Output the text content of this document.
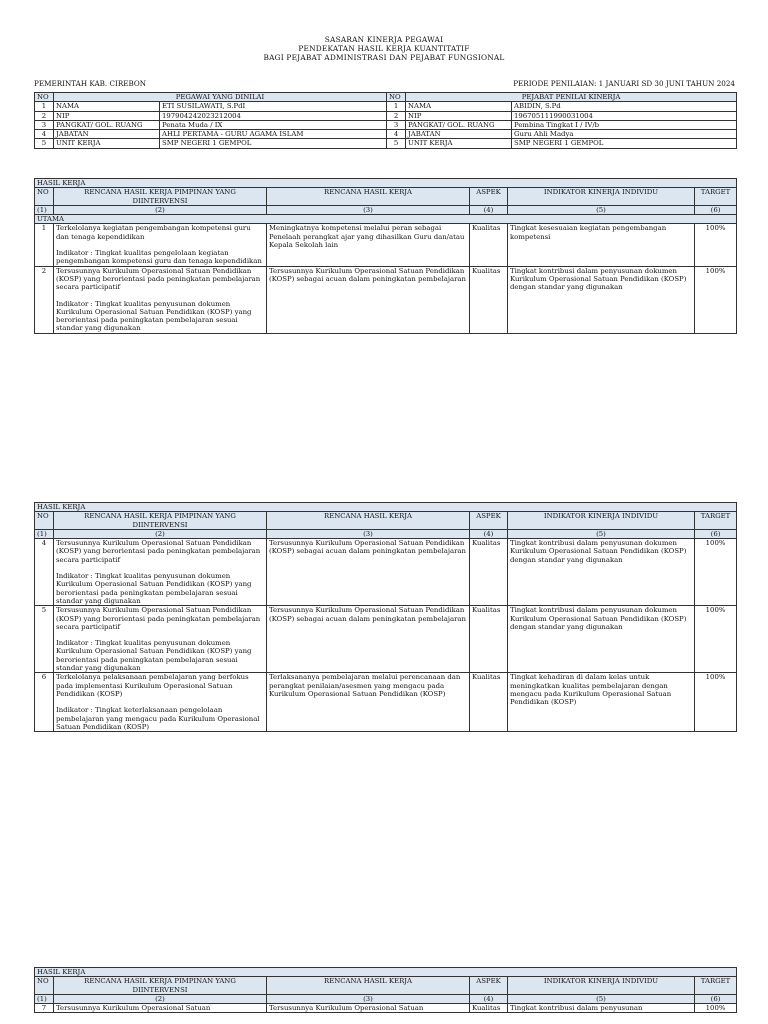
SASARAN KINERJA PEGAWAI
PENDEKATAN HASIL KERJA KUANTITATIF
BAGI PEJABAT ADMINISTRASI DAN PEJABAT FUNGSIONAL
PEMERINTAH KAB. CIREBON	PERIODE PENILAIAN: 1 JANUARI SD 30 JUNI TAHUN 2024
NO	PEGAWAI YANG DINILAI		NO	PEJABAT PENILAI KINERJA	
1	NAMA	ETI SUSILAWATI, S.PdI	1	NAMA	ABIDIN, S.Pd
2	NIP	197904242023212004	2	NIP	196705111990031004
3	PANGKAT/ GOL. RUANG	Penata Muda / IX	3	PANGKAT/ GOL. RUANG	Pembina Tingkat I / IV/b
4	JABATAN	AHLI PERTAMA - GURU AGAMA ISLAM	4	JABATAN	Guru Ahli Madya
5	UNIT KERJA	SMP NEGERI 1 GEMPOL	5	UNIT KERJA	SMP NEGERI 1 GEMPOL
HASIL KERJA					
NO	RENCANA HASIL KERJA PIMPINAN YANG DIINTERVENSI	RENCANA HASIL KERJA	ASPEK	INDIKATOR KINERJA INDIVIDU	TARGET
(1)	(2)	(3)	(4)	(5)	(6)
UTAMA					
1	Terkelolanya kegiatan pengembangan kompetensi guru dan tenaga kependidikan

Indikator : Tingkat kualitas pengelolaan kegiatan pengembangan kompetensi guru dan tenaga kependidikan	Meningkatnya kompetensi melalui peran sebagai Penelaah perangkat ajar yang dihasilkan Guru dan/atau Kepala Sekolah lain	Kualitas	Tingkat kesesuaian kegiatan pengembangan kompetensi	100%
2	Tersusunnya Kurikulum Operasional Satuan Pendidikan (KOSP) yang berorientasi pada peningkatan pembelajaran secara participatif

Indikator : Tingkat kualitas penyusunan dokumen Kurikulum Operasional Satuan Pendidikan (KOSP) yang berorientasi pada peningkatan pembelajaran sesuai standar yang digunakan	Tersusunnya Kurikulum Operasional Satuan Pendidikan (KOSP) sebagai acuan dalam peningkatan pembelajaran	Kualitas	Tingkat kontribusi dalam penyusunan dokumen Kurikulum Operasional Satuan Pendidikan (KOSP) dengan standar yang digunakan	100%
HASIL KERJA					
NO	RENCANA HASIL KERJA PIMPINAN YANG DIINTERVENSI	RENCANA HASIL KERJA	ASPEK	INDIKATOR KINERJA INDIVIDU	TARGET
(1)	(2)	(3)	(4)	(5)	(6)
4	Tersusunnya Kurikulum Operasional Satuan Pendidikan (KOSP) yang berorientasi pada peningkatan pembelajaran secara participatif

Indikator : Tingkat kualitas penyusunan dokumen Kurikulum Operasional Satuan Pendidikan (KOSP) yang berorientasi pada peningkatan pembelajaran sesuai standar yang digunakan	Tersusunnya Kurikulum Operasional Satuan Pendidikan (KOSP) sebagai acuan dalam peningkatan pembelajaran	Kualitas	Tingkat kontribusi dalam penyusunan dokumen Kurikulum Operasional Satuan Pendidikan (KOSP) dengan standar yang digunakan	100%
5	Tersusunnya Kurikulum Operasional Satuan Pendidikan (KOSP) yang berorientasi pada peningkatan pembelajaran secara participatif

Indikator : Tingkat kualitas penyusunan dokumen Kurikulum Operasional Satuan Pendidikan (KOSP) yang berorientasi pada peningkatan pembelajaran sesuai standar yang digunakan	Tersusunnya Kurikulum Operasional Satuan Pendidikan (KOSP) sebagai acuan dalam peningkatan pembelajaran	Kualitas	Tingkat kontribusi dalam penyusunan dokumen Kurikulum Operasional Satuan Pendidikan (KOSP) dengan standar yang digunakan	100%
6	Terkelolanya pelaksanaan pembelajaran yang berfokus pada implementasi Kurikulum Operasional Satuan Pendidikan (KOSP)

Indikator : Tingkat keterlaksanaan pengelolaan pembelajaran yang mengacu pada Kurikulum Operasional Satuan Pendidikan (KOSP)	Terlaksananya pembelajaran melalui perencanaan dan perangkat penilaian/asesmen yang mengacu pada Kurikulum Operasional Satuan Pendidikan (KOSP)	Kualitas	Tingkat kehadiran di dalam kelas untuk meningkatkan kualitas pembelajaran dengan mengacu pada Kurikulum Operasional Satuan Pendidikan (KOSP)	100%
HASIL KERJA					
NO	RENCANA HASIL KERJA PIMPINAN YANG DIINTERVENSI	RENCANA HASIL KERJA	ASPEK	INDIKATOR KINERJA INDIVIDU	TARGET
(1)	(2)	(3)	(4)	(5)	(6)
7	Tersusunnya Kurikulum Operasional Satuan	Tersusunnya Kurikulum Operasional Satuan	Kualitas	Tingkat kontribusi dalam penyusunan	100%
